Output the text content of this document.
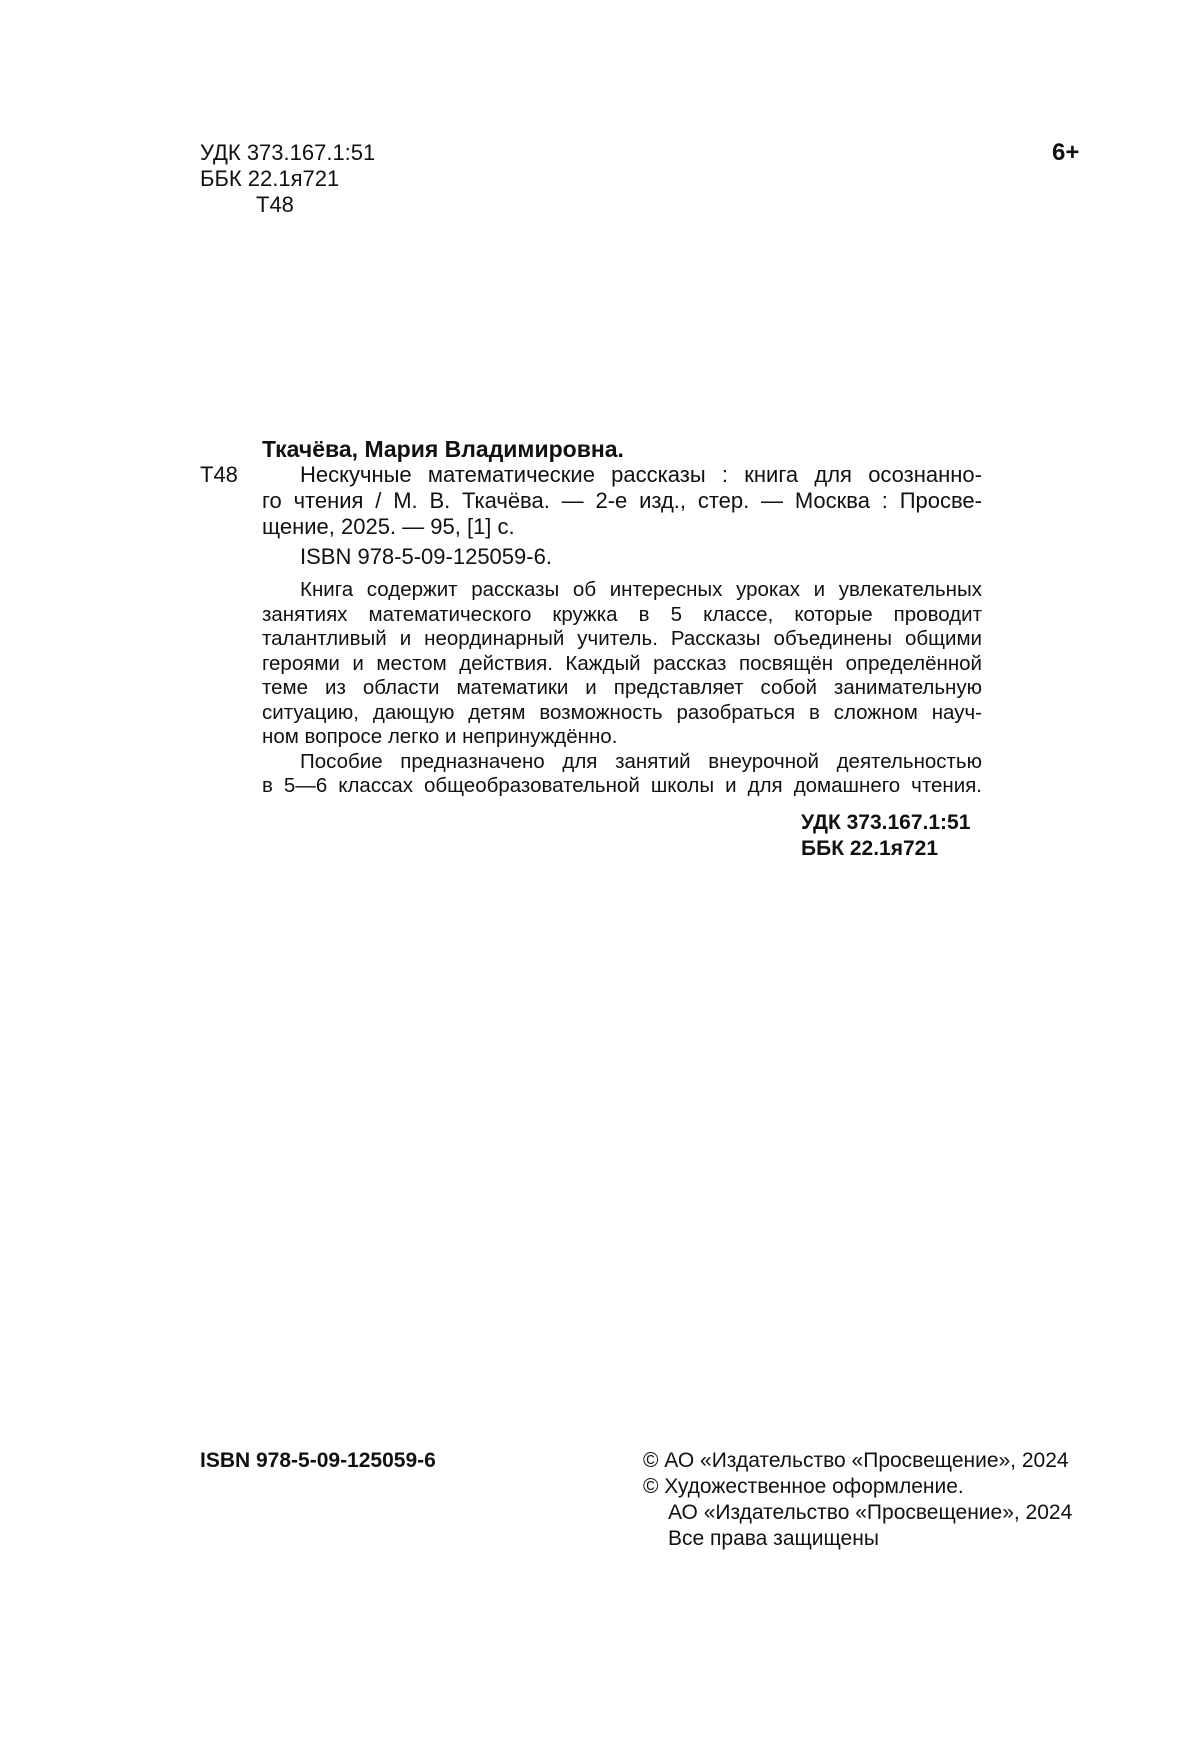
УДК 373.167.1:51
ББК 22.1я721
Т48
6+
Т48
Ткачёва, Мария Владимировна.
Нескучные математические рассказы : книга для осознанно-
го чтения / М. В. Ткачёва. — 2-е изд., стер. — Москва : Просве-
щение, 2025. — 95, [1] с.
ISBN 978-5-09-125059-6.
Книга содержит рассказы об интересных уроках и увлекательных
занятиях математического кружка в 5 классе, которые проводит
талантливый и неординарный учитель. Рассказы объединены общими
героями и местом действия. Каждый рассказ посвящён определённой
теме из области математики и представляет собой занимательную
ситуацию, дающую детям возможность разобраться в сложном науч-
ном вопросе легко и непринуждённо.
Пособие предназначено для занятий внеурочной деятельностью
в 5—6 классах общеобразовательной школы и для домашнего чтения.
УДК 373.167.1:51
ББК 22.1я721
ISBN 978-5-09-125059-6	© АО «Издательство «Просвещение», 2024
© Художественное оформление.
АО «Издательство «Просвещение», 2024
Все права защищены
